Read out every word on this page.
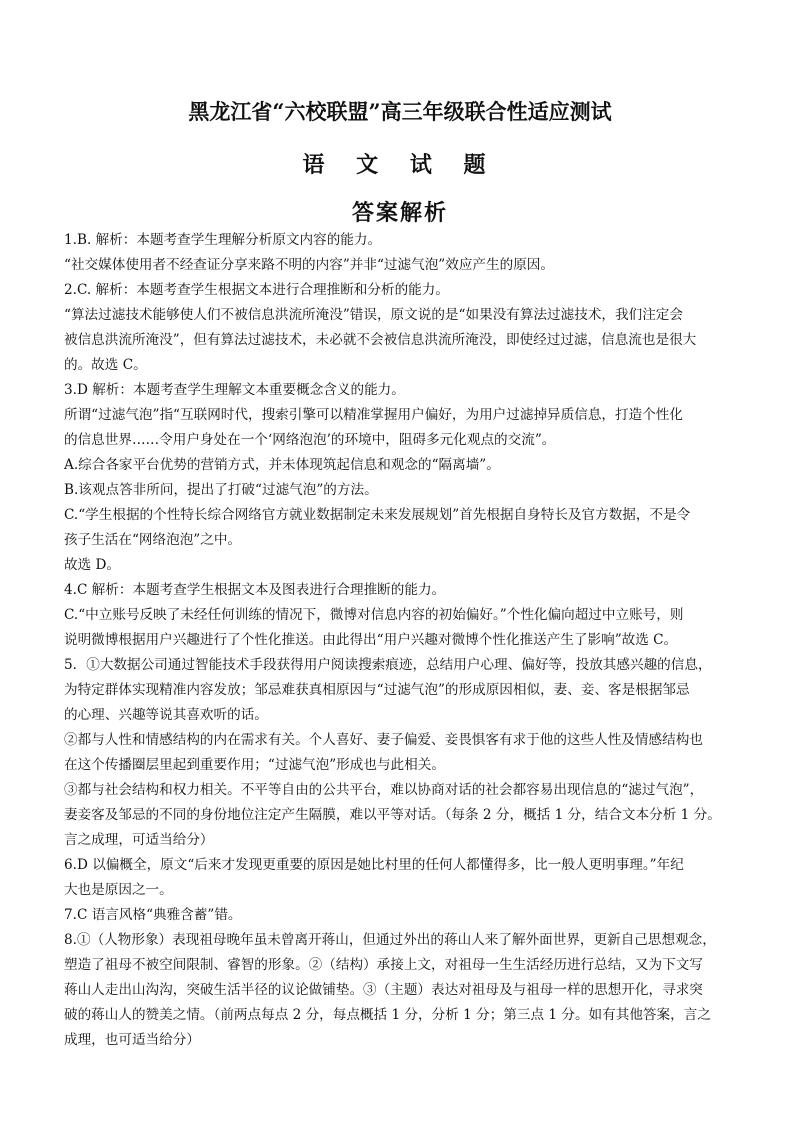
黑龙江省“六校联盟”高三年级联合性适应测试
语 文 试 题
答案解析
1.B. 解析：本题考查学生理解分析原文内容的能力。
“社交媒体使用者不经查证分享来路不明的内容”并非“过滤气泡”效应产生的原因。
2.C. 解析：本题考查学生根据文本进行合理推断和分析的能力。
“算法过滤技术能够使人们不被信息洪流所淹没”错误，原文说的是“如果没有算法过滤技术，我们注定会
被信息洪流所淹没”，但有算法过滤技术，未必就不会被信息洪流所淹没，即使经过过滤，信息流也是很大
的。故选 C。
3.D 解析：本题考查学生理解文本重要概念含义的能力。
所谓“过滤气泡”指“互联网时代，搜索引擎可以精准掌握用户偏好，为用户过滤掉异质信息，打造个性化
的信息世界……令用户身处在一个‘网络泡泡’的环境中，阻碍多元化观点的交流”。
A.综合各家平台优势的营销方式，并未体现筑起信息和观念的“隔离墙”。
B.该观点答非所问，提出了打破“过滤气泡”的方法。
C.“学生根据的个性特长综合网络官方就业数据制定未来发展规划”首先根据自身特长及官方数据，不是令
孩子生活在“网络泡泡”之中。
故选 D。
4.C 解析：本题考查学生根据文本及图表进行合理推断的能力。
C.“中立账号反映了未经任何训练的情况下，微博对信息内容的初始偏好。”个性化偏向超过中立账号，则
说明微博根据用户兴趣进行了个性化推送。由此得出“用户兴趣对微博个性化推送产生了影响”故选 C。
5．①大数据公司通过智能技术手段获得用户阅读搜索痕迹，总结用户心理、偏好等，投放其感兴趣的信息，
为特定群体实现精准内容发放；邹忌难获真相原因与“过滤气泡”的形成原因相似，妻、妾、客是根据邹忌
的心理、兴趣等说其喜欢听的话。
②都与人性和情感结构的内在需求有关。个人喜好、妻子偏爱、妾畏惧客有求于他的这些人性及情感结构也
在这个传播圈层里起到重要作用；“过滤气泡”形成也与此相关。
③都与社会结构和权力相关。不平等自由的公共平台，难以协商对话的社会都容易出现信息的“滤过气泡”，
妻妾客及邹忌的不同的身份地位注定产生隔膜，难以平等对话。（每条 2 分，概括 1 分，结合文本分析 1 分。
言之成理，可适当给分）
6.D 以偏概全，原文“后来才发现更重要的原因是她比村里的任何人都懂得多，比一般人更明事理。”年纪
大也是原因之一。
7.C 语言风格“典雅含蓄”错。
8.①（人物形象）表现祖母晚年虽未曾离开蒋山，但通过外出的蒋山人来了解外面世界，更新自己思想观念，
塑造了祖母不被空间限制、睿智的形象。②（结构）承接上文，对祖母一生生活经历进行总结，又为下文写
蒋山人走出山沟沟，突破生活半径的议论做铺垫。③（主题）表达对祖母及与祖母一样的思想开化，寻求突
破的蒋山人的赞美之情。（前两点每点 2 分，每点概括 1 分，分析 1 分；第三点 1 分。如有其他答案，言之
成理，也可适当给分）
